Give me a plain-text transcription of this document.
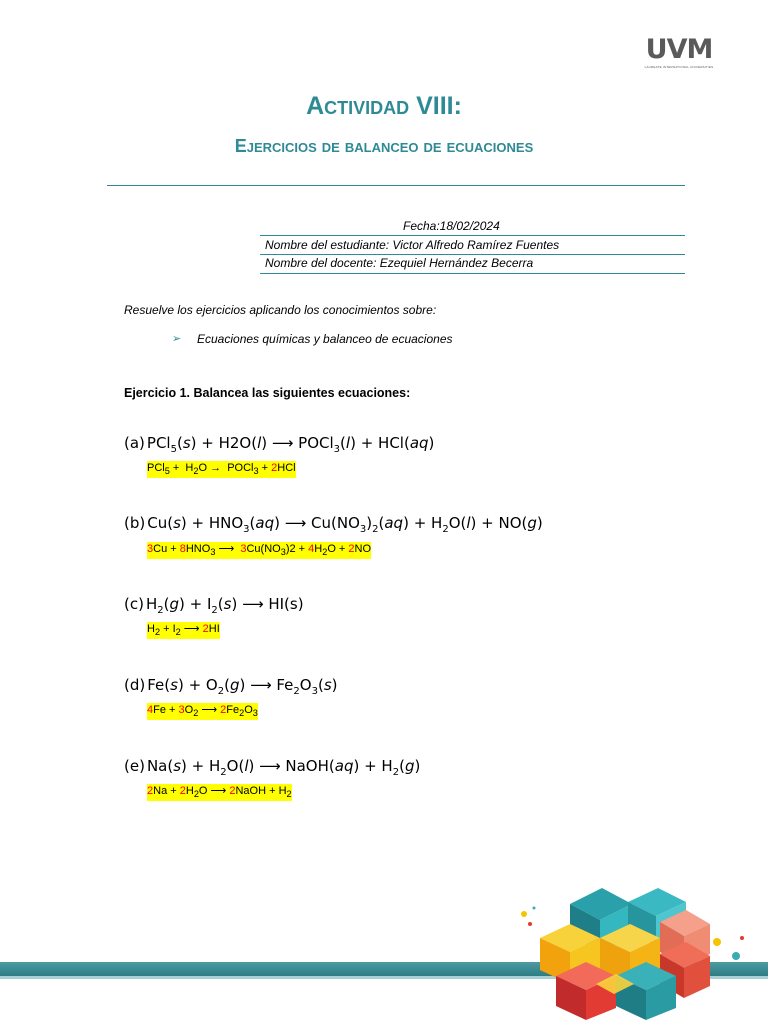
UVM
LAUREATE INTERNATIONAL UNIVERSITIES
Actividad VIII:
Ejercicios de balanceo de ecuaciones
Fecha:18/02/2024
Nombre del estudiante: Victor Alfredo Ramírez Fuentes
Nombre del docente: Ezequiel Hernández Becerra
Resuelve los ejercicios aplicando los conocimientos sobre:
➢ Ecuaciones químicas y balanceo de ecuaciones
Ejercicio 1. Balancea las siguientes ecuaciones:
(a) PCl$_5$(s) + H2O(l) ⟶ POCl$_3$(l) + HCl(aq)
$PCl_5 + H_2O$ →  POCl$_3$ + 2HCl
(b) $Cu(s) + HNO_3(aq)$ ⟶ $Cu(NO_3)_2(aq) + H_2O(l) + NO(g)$
$3Cu + 8HNO_3$ ⟶  $3Cu(NO_3)2 + 4H_2O + 2NO$
(c) $H_2(g) + I_2(s)$ ⟶ HI(s)
$H_2 + I_2$ ⟶ 2HI
(d) $Fe(s) + O_2(g)$ ⟶ $Fe_2O_3(s)$
$4Fe + 3O_2$ ⟶ $2Fe_2O_3$
(e) $Na(s) + H_2O(l)$ ⟶ NaOH(aq) + $H_2(g)$
$2Na + 2H_2O$ ⟶ 2NaOH + $H_2$
